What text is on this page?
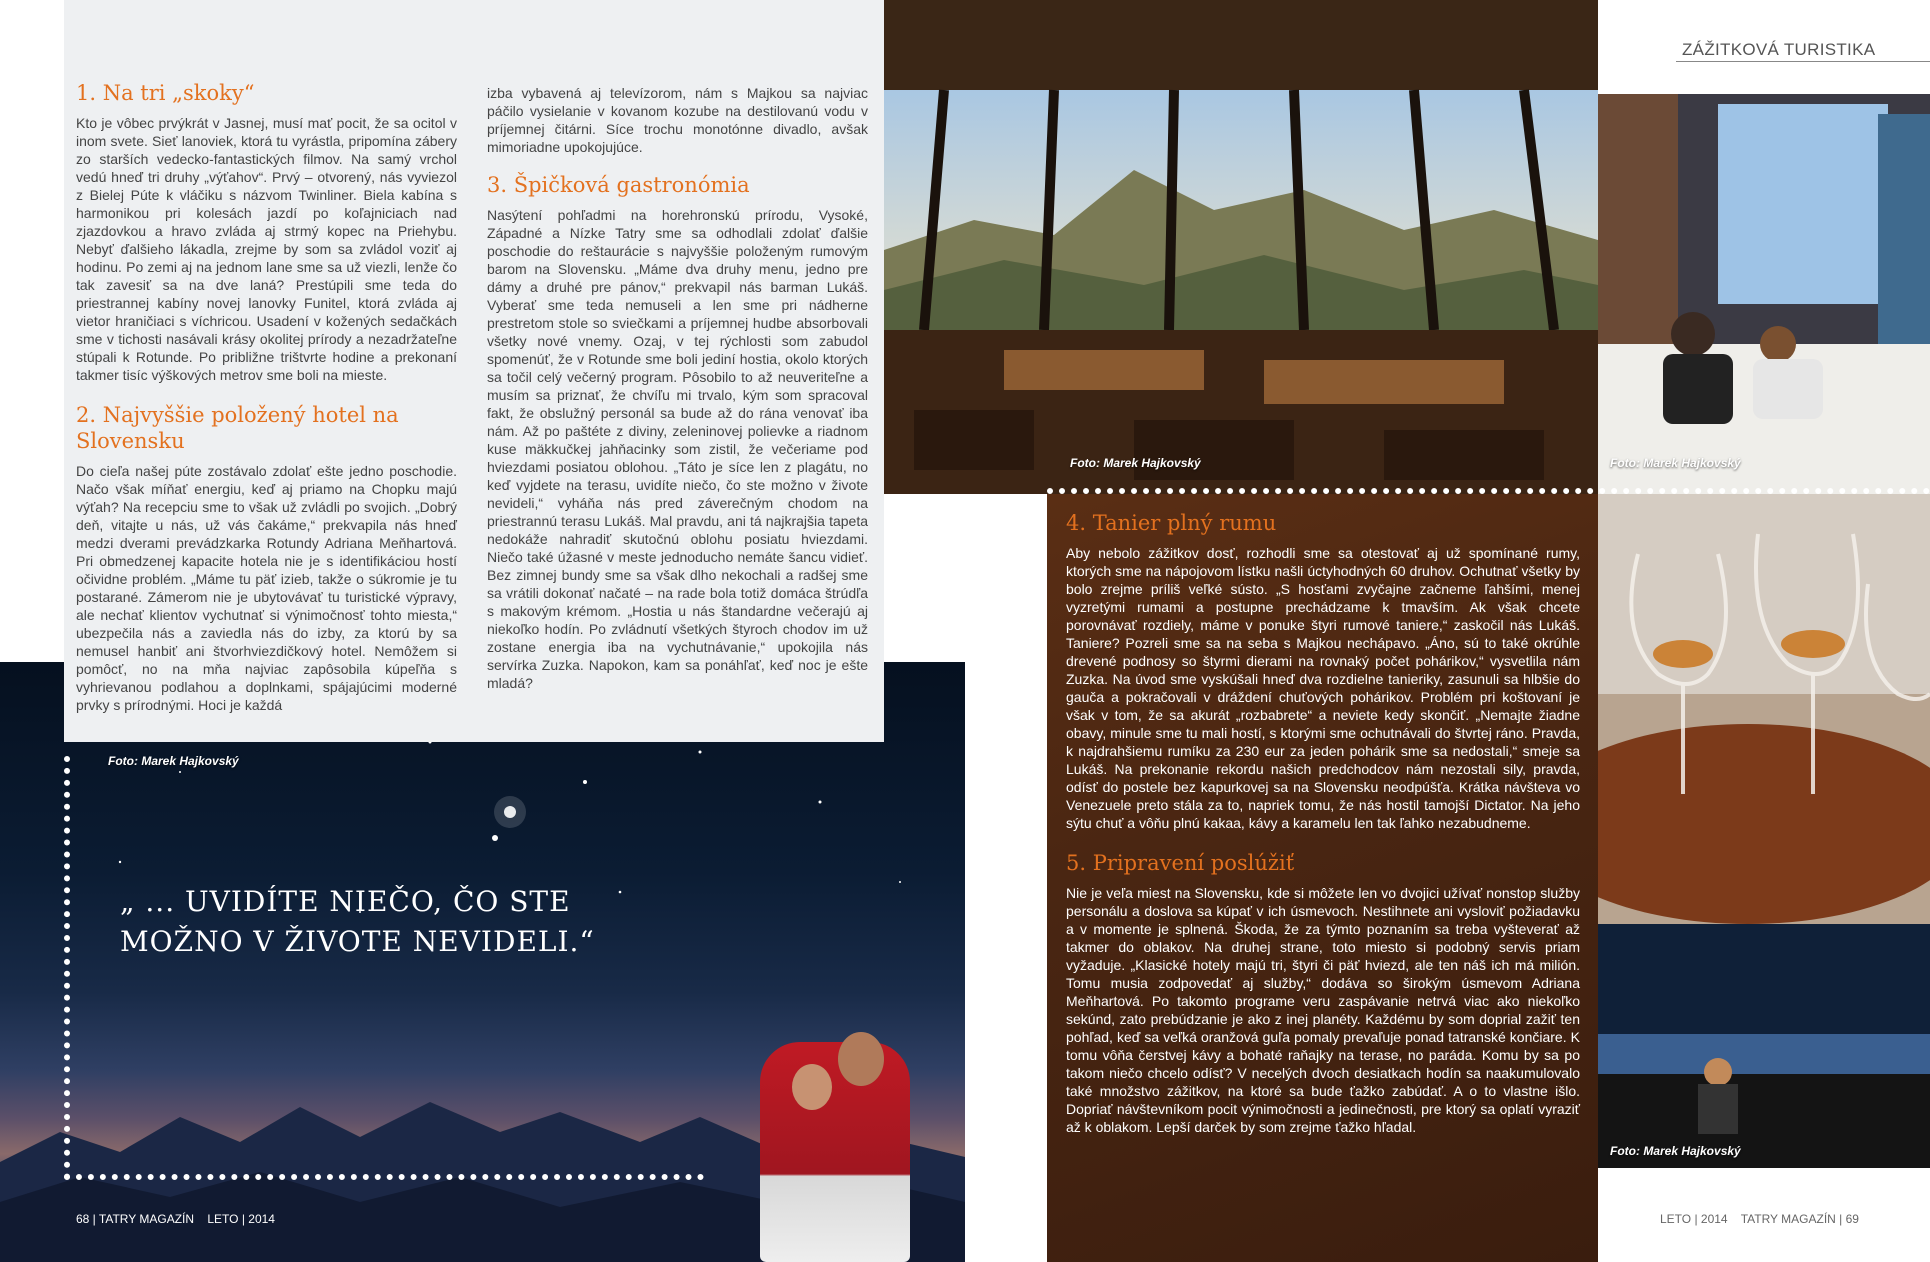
1. Na tri „skoky“

Kto je vôbec prvýkrát v Jasnej, musí mať pocit, že sa ocitol v inom svete. Sieť lanoviek, ktorá tu vyrástla, pripomína zábery zo starších vedecko-fantastických filmov. Na samý vrchol vedú hneď tri druhy „výťahov“. Prvý – otvorený, nás vyviezol z Bielej Púte k vláčiku s názvom Twinliner. Biela kabína s harmonikou pri kolesách jazdí po koľajniciach nad zjazdovkou a hravo zvláda aj strmý kopec na Priehybu. Nebyť ďalšieho lákadla, zrejme by som sa zvládol voziť aj hodinu. Po zemi aj na jednom lane sme sa už viezli, lenže čo tak zavesiť sa na dve laná? Prestúpili sme teda do priestrannej kabíny novej lanovky Funitel, ktorá zvláda aj vietor hraničiaci s víchricou. Usadení v kožených sedačkách sme v tichosti nasávali krásy okolitej prírody a nezadržateľne stúpali k Rotunde. Po približne trištvrte hodine a prekonaní takmer tisíc výškových metrov sme boli na mieste.

2. Najvyššie položený hotel na Slovensku

Do cieľa našej púte zostávalo zdolať ešte jedno poschodie. Načo však míňať energiu, keď aj priamo na Chopku majú výťah? Na recepciu sme to však už zvládli po svojich. „Dobrý deň, vitajte u nás, už vás čakáme,“ prekvapila nás hneď medzi dverami prevádzkarka Rotundy Adriana Meňhartová. Pri obmedzenej kapacite hotela nie je s identifikáciou hostí očividne problém. „Máme tu päť izieb, takže o súkromie je tu postarané. Zámerom nie je ubytovávať tu turistické výpravy, ale nechať klientov vychutnať si výnimočnosť tohto miesta,“ ubezpečila nás a zaviedla nás do izby, za ktorú by sa nemusel hanbiť ani štvorhviezdičkový hotel. Nemôžem si pomôcť, no na mňa najviac zapôsobila kúpeľňa s vyhrievanou podlahou a doplnkami, spájajúcimi moderné prvky s prírodnými. Hoci je každá

izba vybavená aj televízorom, nám s Majkou sa najviac páčilo vysielanie v kovanom kozube na destilovanú vodu v príjemnej čitárni. Síce trochu monotónne divadlo, avšak mimoriadne upokojujúce.

3. Špičková gastronómia

Nasýtení pohľadmi na horehronskú prírodu, Vysoké, Západné a Nízke Tatry sme sa odhodlali zdolať ďalšie poschodie do reštaurácie s najvyššie položeným rumovým barom na Slovensku. „Máme dva druhy menu, jedno pre dámy a druhé pre pánov,“ prekvapil nás barman Lukáš. Vyberať sme teda nemuseli a len sme pri nádherne prestretom stole so sviečkami a príjemnej hudbe absorbovali všetky nové vnemy. Ozaj, v tej rýchlosti som zabudol spomenúť, že v Rotunde sme boli jediní hostia, okolo ktorých sa točil celý večerný program. Pôsobilo to až neuveriteľne a musím sa priznať, že chvíľu mi trvalo, kým som spracoval fakt, že obslužný personál sa bude až do rána venovať iba nám. Až po paštéte z diviny, zeleninovej polievke a riadnom kuse mäkkučkej jahňacinky som zistil, že večeriame pod hviezdami posiatou oblohou. „Táto je síce len z plagátu, no keď vyjdete na terasu, uvidíte niečo, čo ste možno v živote nevideli,“ vyháňa nás pred záverečným chodom na priestrannú terasu Lukáš. Mal pravdu, ani tá najkrajšia tapeta nedokáže nahradiť skutočnú oblohu posiatu hviezdami. Niečo také úžasné v meste jednoducho nemáte šancu vidieť. Bez zimnej bundy sme sa však dlho nekochali a radšej sme sa vrátili dokonať načaté – na rade bola totiž domáca štrúdľa s makovým krémom. „Hostia u nás štandardne večerajú aj niekoľko hodín. Po zvládnutí všetkých štyroch chodov im už zostane energia iba na vychutnávanie,“ upokojila nás servírka Zuzka. Napokon, kam sa ponáhľať, keď noc je ešte mladá?

Foto: Marek Hajkovský
„ ... UVIDÍTE NIEČO, ČO STE MOŽNO V ŽIVOTE NEVIDELI.“
68 | TATRY MAGAZÍN    LETO | 2014
Foto: Marek Hajkovský
ZÁŽITKOVÁ TURISTIKA
Foto: Marek Hajkovský
4. Tanier plný rumu

Aby nebolo zážitkov dosť, rozhodli sme sa otestovať aj už spomínané rumy, ktorých sme na nápojovom lístku našli úctyhodných 60 druhov. Ochutnať všetky by bolo zrejme príliš veľké sústo. „S hosťami zvyčajne začneme ľahšími, menej vyzretými rumami a postupne prechádzame k tmavším. Ak však chcete porovnávať rozdiely, máme v ponuke štyri rumové taniere,“ zaskočil nás Lukáš. Taniere? Pozreli sme sa na seba s Majkou nechápavo. „Áno, sú to také okrúhle drevené podnosy so štyrmi dierami na rovnaký počet pohárikov,“ vysvetlila nám Zuzka. Na úvod sme vyskúšali hneď dva rozdielne tanieriky, zasunuli sa hlbšie do gauča a pokračovali v dráždení chuťových pohárikov. Problém pri koštovaní je však v tom, že sa akurát „rozbabrete“ a neviete kedy skončiť. „Nemajte žiadne obavy, minule sme tu mali hostí, s ktorými sme ochutnávali do štvrtej ráno. Pravda, k najdrahšiemu rumíku za 230 eur za jeden pohárik sme sa nedostali,“ smeje sa Lukáš. Na prekonanie rekordu našich predchodcov nám nezostali sily, pravda, odísť do postele bez kapurkovej sa na Slovensku neodpúšťa. Krátka návšteva vo Venezuele preto stála za to, napriek tomu, že nás hostil tamojší Dictator. Na jeho sýtu chuť a vôňu plnú kakaa, kávy a karamelu len tak ľahko nezabudneme.

5. Pripravení poslúžiť

Nie je veľa miest na Slovensku, kde si môžete len vo dvojici užívať nonstop služby personálu a doslova sa kúpať v ich úsmevoch. Nestihnete ani vysloviť požiadavku a v momente je splnená. Škoda, že za týmto poznaním sa treba vyšteverať až takmer do oblakov. Na druhej strane, toto miesto si podobný servis priam vyžaduje. „Klasické hotely majú tri, štyri či päť hviezd, ale ten náš ich má milión. Tomu musia zodpovedať aj služby,“ dodáva so širokým úsmevom Adriana Meňhartová. Po takomto programe veru zaspávanie netrvá viac ako niekoľko sekúnd, zato prebúdzanie je ako z inej planéty. Každému by som doprial zažiť ten pohľad, keď sa veľká oranžová guľa pomaly prevaľuje ponad tatranské končiare. K tomu vôňa čerstvej kávy a bohaté raňajky na terase, no paráda. Komu by sa po takom niečo chcelo odísť? V necelých dvoch desiatkach hodín sa naakumulovalo také množstvo zážitkov, na ktoré sa bude ťažko zabúdať. A o to vlastne išlo. Dopriať návštevníkom pocit výnimočnosti a jedinečnosti, pre ktorý sa oplatí vyraziť až k oblakom. Lepší darček by som zrejme ťažko hľadal.

Foto: Marek Hajkovský
LETO | 2014    TATRY MAGAZÍN | 69
